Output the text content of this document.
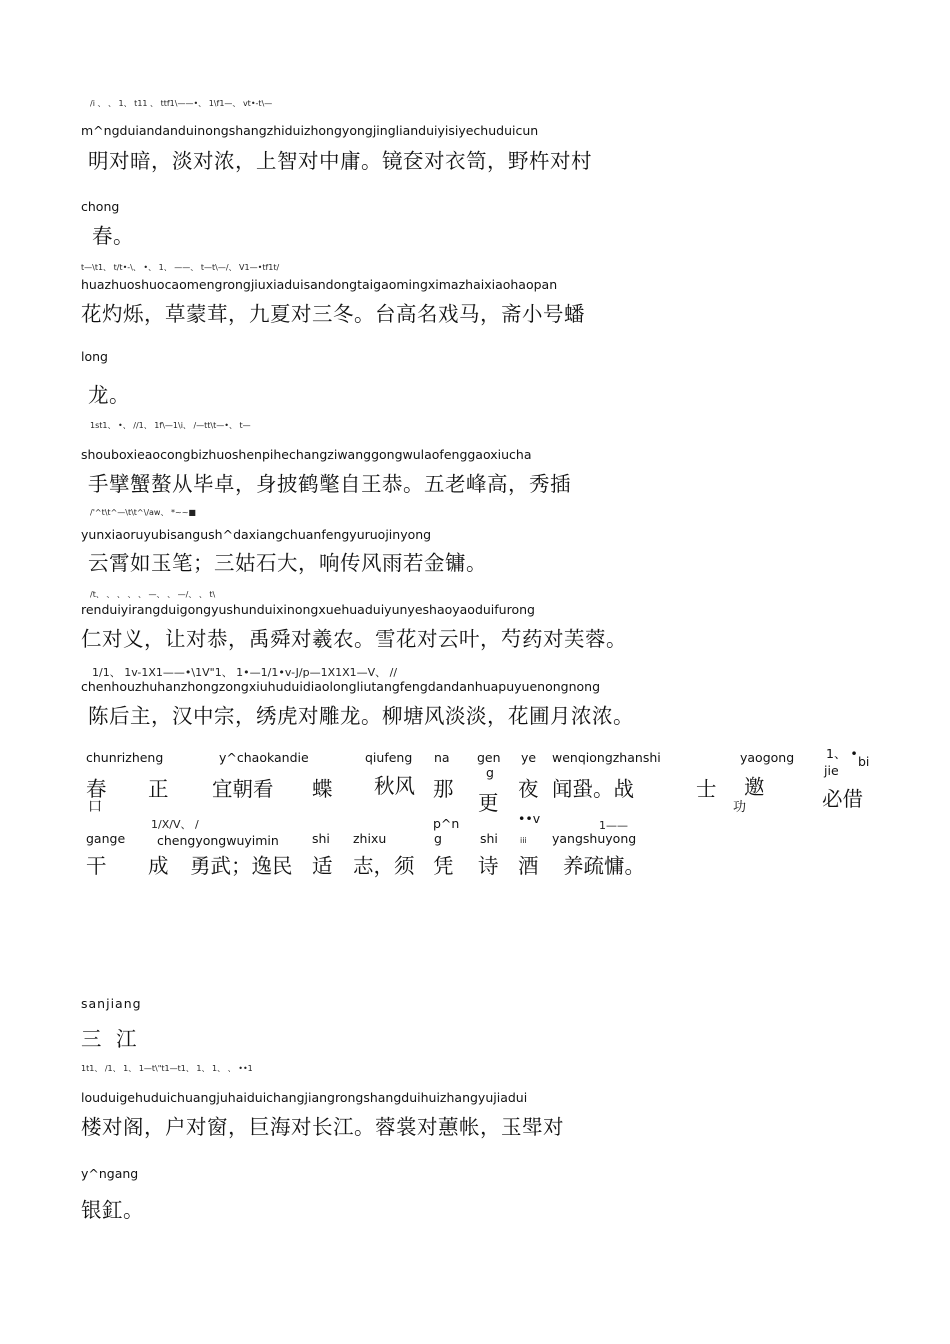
/i 、 、 1、 t11 、 ttf1\——•、 1\f1—、 vt•-t\—
m^ngduiandanduinongshangzhiduizhongyongjinglianduiyisiyechuduicun
明对暗，淡对浓，上智对中庸。镜奁对衣笥，野杵对村
chong
春。
t—\t1、 t/t•-\、 •、 1、 ——、 t—t\—/、 V1—•tf1t/
huazhuoshuocaomengrongjiuxiaduisandongtaigaomingximazhaixiaohaopan
花灼烁，草蒙茸，九夏对三冬。台高名戏马，斋小号蟠
long
龙。
1st1、 •、 //1、 1f\—1\i、 /—tt\t—•、 t—
shouboxieaocongbizhuoshenpihechangziwanggongwulaofenggaoxiucha
手擘蟹螯从毕卓，身披鹤氅自王恭。五老峰高，秀插
/'^t\t^—\t\t^\/aw、 *~~■
yunxiaoruyubisangush^daxiangchuanfengyuruojinyong
云霄如玉笔；三姑石大，响传风雨若金镛。
/t、 、 、 、 、 —、 、 —/、 、 t\
renduiyirangduigongyushunduixinongxuehuaduiyunyeshaoyaoduifurong
仁对义，让对恭，禹舜对羲农。雪花对云叶，芍药对芙蓉。
1/1、 1v-1X1——•\1V"1、 1•—1/1•v-J/p—1X1X1—V、 //
chenhouzhuhanzhongzongxiuhuduidiaolongliutangfengdandanhuapuyuenongnong
陈后主，汉中宗，绣虎对雕龙。柳塘风淡淡，花圃月浓浓。
chunrizheng
春
口
正
y^chaokandie
宜朝看 蝶
qiufeng
秋风
na
那
gen
g
更
ye
夜
wenqiongzhanshi
闻蛩。战	士
yaogong
邀
功
1、 •
jie
bi
必借
1/X/V、 /
gange
干 成
chengyongwuyimin
勇武；逸民
shi
适
zhixu
志，须
p^n
g
凭
shi
诗
••v
iii
酒
1——
yangshuyong
养疏慵。
sanjiang
三  江
1t1、 /1、 1、 1—t\"t1—t1、 1、 1、 、 ••1
louduigehuduichuangjuhaiduichangjiangrongshangduihuizhangyujiadui
楼对阁，户对窗，巨海对长江。蓉裳对蕙帐，玉斝对
y^ngang
银釭。
